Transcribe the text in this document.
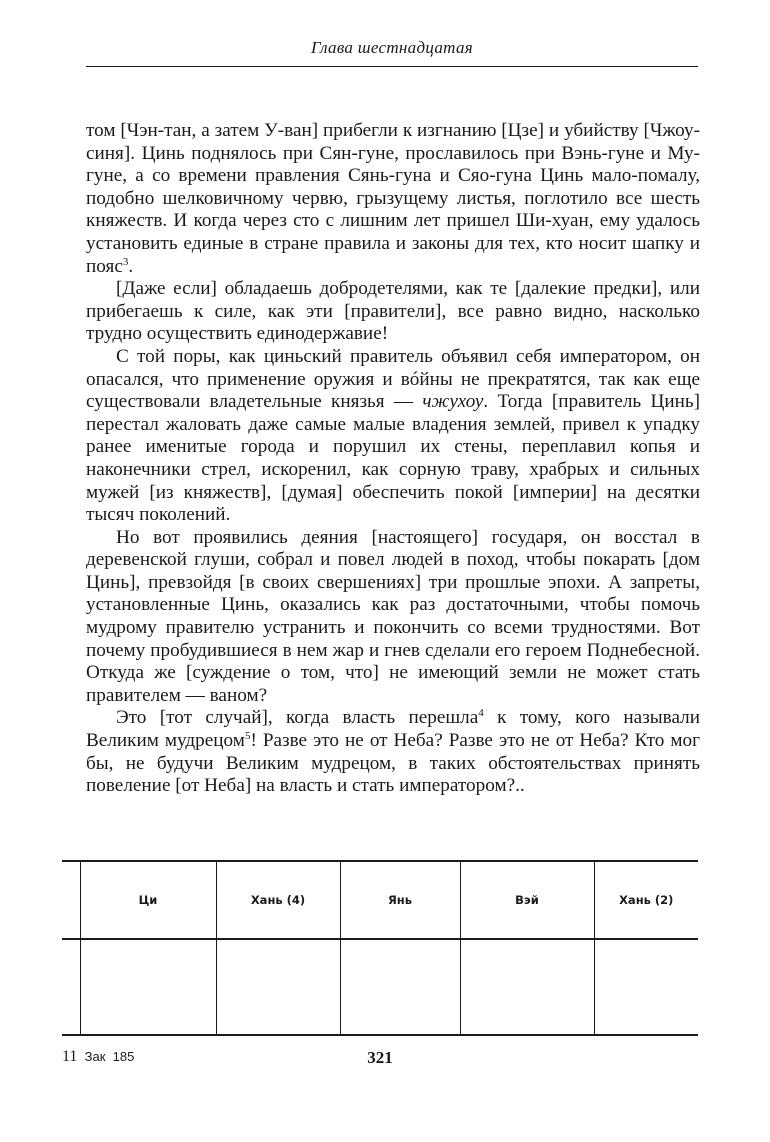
Глава шестнадцатая

том [Чэн-тан, а затем У-ван] прибегли к изгнанию [Цзе] и убийству [Чжоу-синя]. Цинь поднялось при Сян-гуне, прославилось при Вэнь-гуне и Му-гуне, а со времени правления Сянь-гуна и Сяо-гуна Цинь мало-помалу, подобно шелковичному червю, грызущему листья, поглотило все шесть княжеств. И когда через сто с лишним лет пришел Ши-хуан, ему удалось установить единые в стране правила и законы для тех, кто носит шапку и пояс$^3$.

[Даже если] обладаешь добродетелями, как те [далекие предки], или прибегаешь к силе, как эти [правители], все равно видно, насколько трудно осуществить единодержавие!

С той поры, как циньский правитель объявил себя императором, он опасался, что применение оружия и вóйны не прекратятся, так как еще существовали владетельные князья — чжухоу. Тогда [правитель Цинь] перестал жаловать даже самые малые владения землей, привел к упадку ранее именитые города и порушил их стены, переплавил копья и наконечники стрел, искоренил, как сорную траву, храбрых и сильных мужей [из княжеств], [думая] обеспечить покой [империи] на десятки тысяч поколений.

Но вот проявились деяния [настоящего] государя, он восстал в деревенской глуши, собрал и повел людей в поход, чтобы покарать [дом Цинь], превзойдя [в своих свершениях] три прошлые эпохи. А запреты, установленные Цинь, оказались как раз достаточными, чтобы помочь мудрому правителю устранить и покончить со всеми трудностями. Вот почему пробудившиеся в нем жар и гнев сделали его героем Поднебесной. Откуда же [суждение о том, что] не имеющий земли не может стать правителем — ваном?

Это [тот случай], когда власть перешла$^4$ к тому, кого называли Великим мудрецом$^5$! Разве это не от Неба? Разве это не от Неба? Кто мог бы, не будучи Великим мудрецом, в таких обстоятельствах принять повеление [от Неба] на власть и стать императором?..

	Ци	Хань (4)	Янь	Вэй	Хань (2)

11 Зак 185	321
